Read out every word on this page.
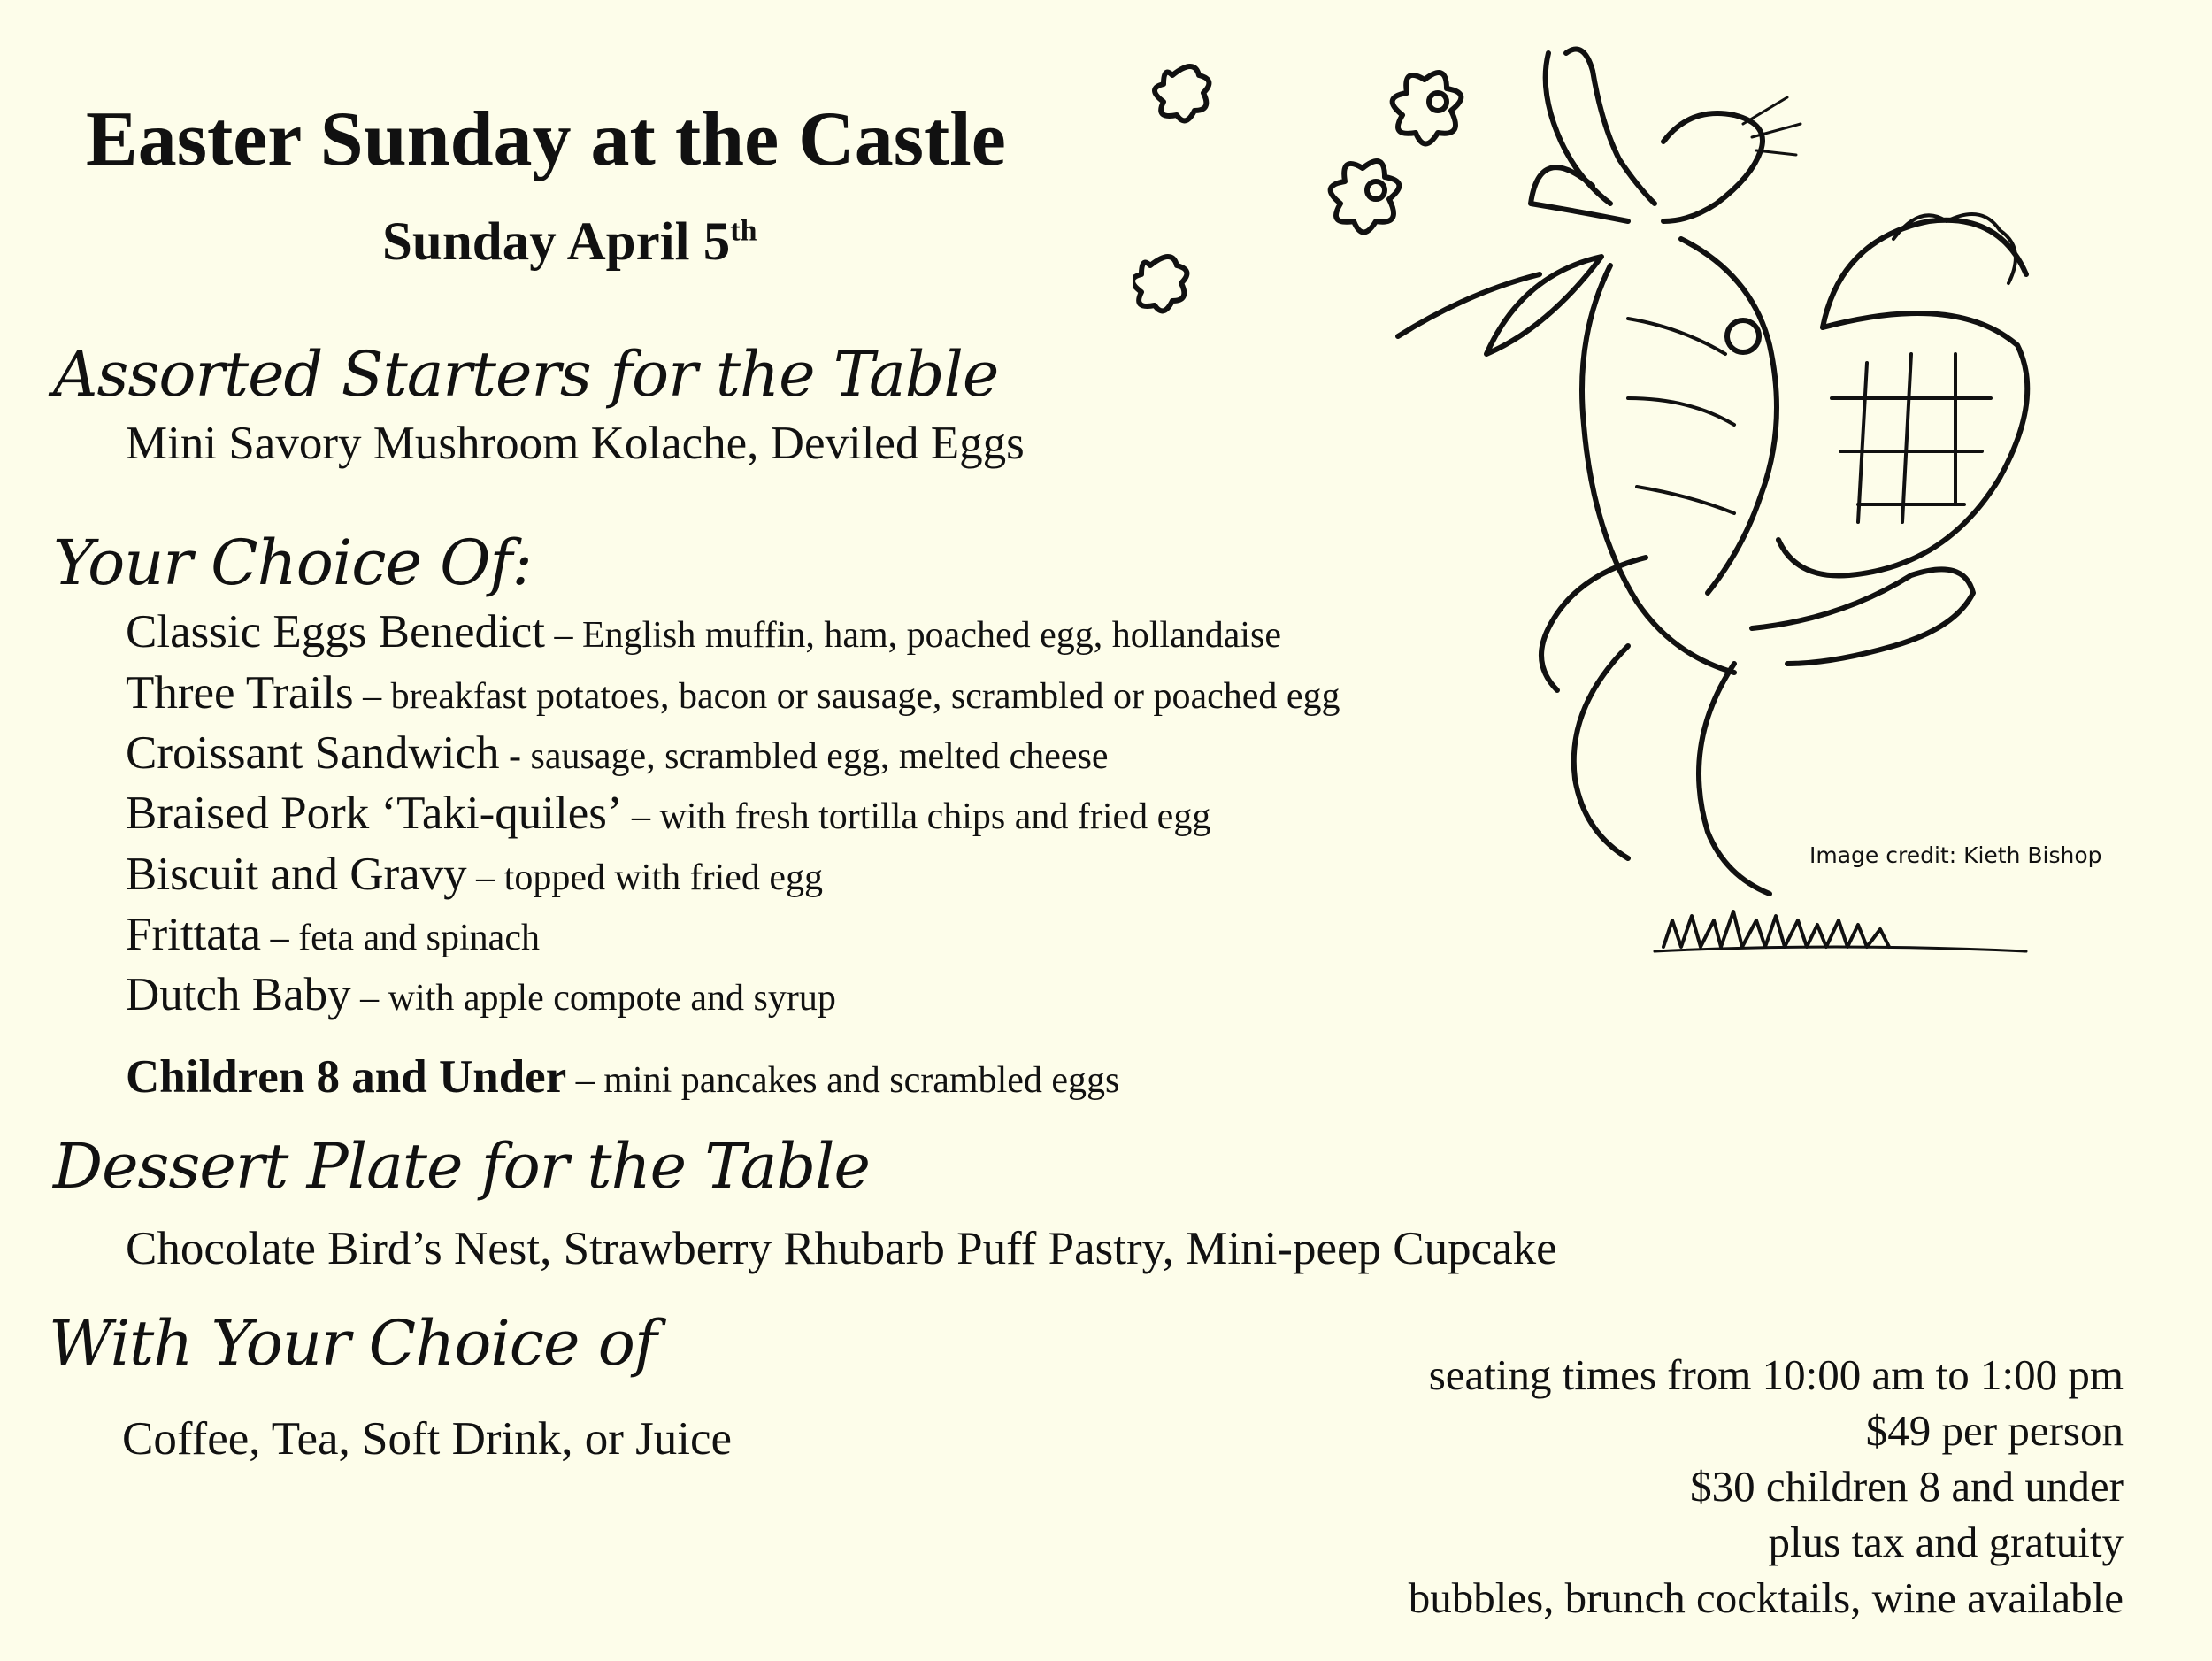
Easter Sunday at the Castle
Sunday April 5th
Assorted Starters for the Table
Mini Savory Mushroom Kolache, Deviled Eggs
Your Choice Of:
Classic Eggs Benedict – English muffin, ham, poached egg, hollandaise
Three Trails – breakfast potatoes, bacon or sausage, scrambled or poached egg
Croissant Sandwich - sausage, scrambled egg, melted cheese
Braised Pork ‘Taki-quiles’ – with fresh tortilla chips and fried egg
Biscuit and Gravy – topped with fried egg
Frittata – feta and spinach
Dutch Baby – with apple compote and syrup
Children 8 and Under – mini pancakes and scrambled eggs
Dessert Plate for the Table
Chocolate Bird’s Nest, Strawberry Rhubarb Puff Pastry, Mini-peep Cupcake
With Your Choice of
Coffee, Tea, Soft Drink, or Juice
seating times from 10:00 am to 1:00 pm
$49 per person
$30 children 8 and under
plus tax and gratuity
bubbles, brunch cocktails, wine available
Image credit: Kieth Bishop
